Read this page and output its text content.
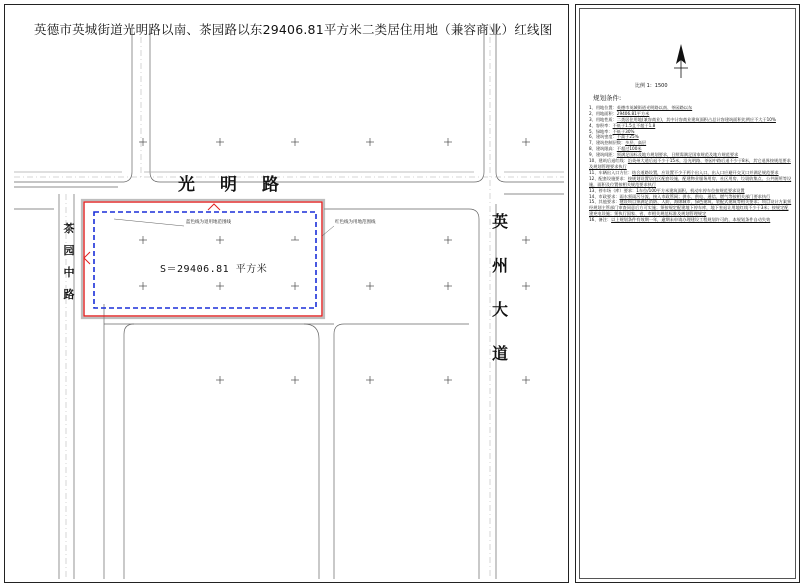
英德市英城街道光明路以南、茶园路以东29406.81平方米二类居住用地（兼容商业）红线图
光明路
茶
园
中
路
英
州
大
道
S＝29406.81 平方米
蓝色线为退用地范围线	红色线为用地范围线
比例 1：1500
规划条件:
1、用地位置：英德市英城街道光明路以南、茶园路以东
2、用地面积：29406.81平方米
3、用地性质：二类居住用地(兼容商业)，其中计容商业建筑面积占总计容建筑面积比例应不大于10%
4、容积率：不低于1.5且不超于1.8
5、绿地率：不低于30%
6、建筑密度：不高于25%
7、建筑控制层数：多层、高层
8、建筑限高：不超过100米
9、建筑间距：须满足国标及地方规划要求，日照需满足国家规范及地方规范要求
10、建筑后退红线：沿英州大道后退不少于15米，沿光明路、茶园中路后退不少于8米，其它退界按规范要求及规划管理要求执行
11、车辆出入口方位：结合道路设置，应设置不少于两个出入口，出入口应避开交叉口并满足规范要求
12、配套设施要求：按规划设置居住区配套设施，配建物业服务用房、社区用房、垃圾收集点、公共厕所等设施，面积及位置按相关规范要求执行
13、停车场（库）要求：1车位/100平方米建筑面积，机动车停车位按规范要求设置
14、市政要求：雨水须雨污分流，接入市政管网；供水、供电、通信、燃气等按相关部门要求执行
15、其他要求：建设项目须满足消防、人防、海绵城市、绿色建筑、装配式建筑等相关要求；项目设计方案须经规划主管部门审查同意后方可实施；须按规定配建地下停车库，地下室退让用地红线不少于3米；按规定配建充电设施；须执行国家、省、市相关规范标准及规划管理规定
16、备注：以上规划条件有效期一年，逾期未申请办理建设工程规划许可的，本规划条件自动失效
